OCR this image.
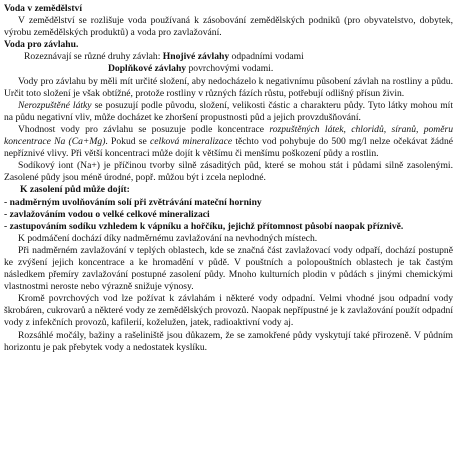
Voda v zemědělství

V zemědělství se rozlišuje voda používaná k zásobování zemědělských podniků (pro obyvatelstvo, dobytek, výrobu zemědělských produktů) a voda pro zavlažování.

Voda pro závlahu.

Rozeznávají se různé druhy závlah: Hnojivé závlahy odpadními vodami
Doplňkové závlahy povrchovými vodami.

Vody pro závlahu by měli mít určité složení, aby nedocházelo k negativnímu působení závlah na rostliny a půdu. Určit toto složení je však obtížné, protože rostliny v různých fázích růstu, potřebují odlišný přísun živin.

Nerozpuštěné látky se posuzují podle původu, složení, velikosti částic a charakteru půdy. Tyto látky mohou mít na půdu negativní vliv, může docházet ke zhoršení propustnosti půd a jejich provzdušňování.

Vhodnost vody pro závlahu se posuzuje podle koncentrace rozpuštěných látek, chloridů, síranů, poměru koncentrace Na (Ca+Mg). Pokud se celková mineralizace těchto vod pohybuje do 500 mg/l nelze očekávat žádné nepříznivé vlivy. Při větší koncentraci může dojít k většímu či menšímu poškození půdy a rostlin.

Sodíkový iont (Na+) je příčinou tvorby silně zásaditých půd, které se mohou stát i půdami silně zasolenými. Zasolené půdy jsou méně úrodné, popř. můžou být i zcela neplodné.

K zasolení půd může dojít:

- nadměrným uvolňováním solí při zvětrávání mateční horniny
- zavlažováním vodou o velké celkové mineralizaci
- zastupováním sodíku vzhledem k vápníku a hořčíku, jejichž přítomnost působí naopak příznivě.

K podmáčení dochází díky nadměrnému zavlažování na nevhodných místech.

Při nadměrném zavlažování v teplých oblastech, kde se značná část zavlažovací vody odpaří, dochází postupně ke zvýšení jejich koncentrace a ke hromadění v půdě. V pouštních a polopouštních oblastech je tak častým následkem přemíry zavlažování postupné zasolení půdy. Mnoho kulturních plodin v půdách s jinými chemickými vlastnostmi neroste nebo výrazně snižuje výnosy.

Kromě povrchových vod lze požívat k závlahám i některé vody odpadní. Velmi vhodné jsou odpadní vody škrobáren, cukrovarů a některé vody ze zemědělských provozů. Naopak nepřípustné je k zavlažování použít odpadní vody z infekčních provozů, kafilerií, koželužen, jatek, radioaktivní vody aj.

Rozsáhlé močály, bažiny a rašeliniště jsou důkazem, že se zamokřené půdy vyskytují také přirozeně. V půdním horizontu je pak přebytek vody a nedostatek kyslíku.
